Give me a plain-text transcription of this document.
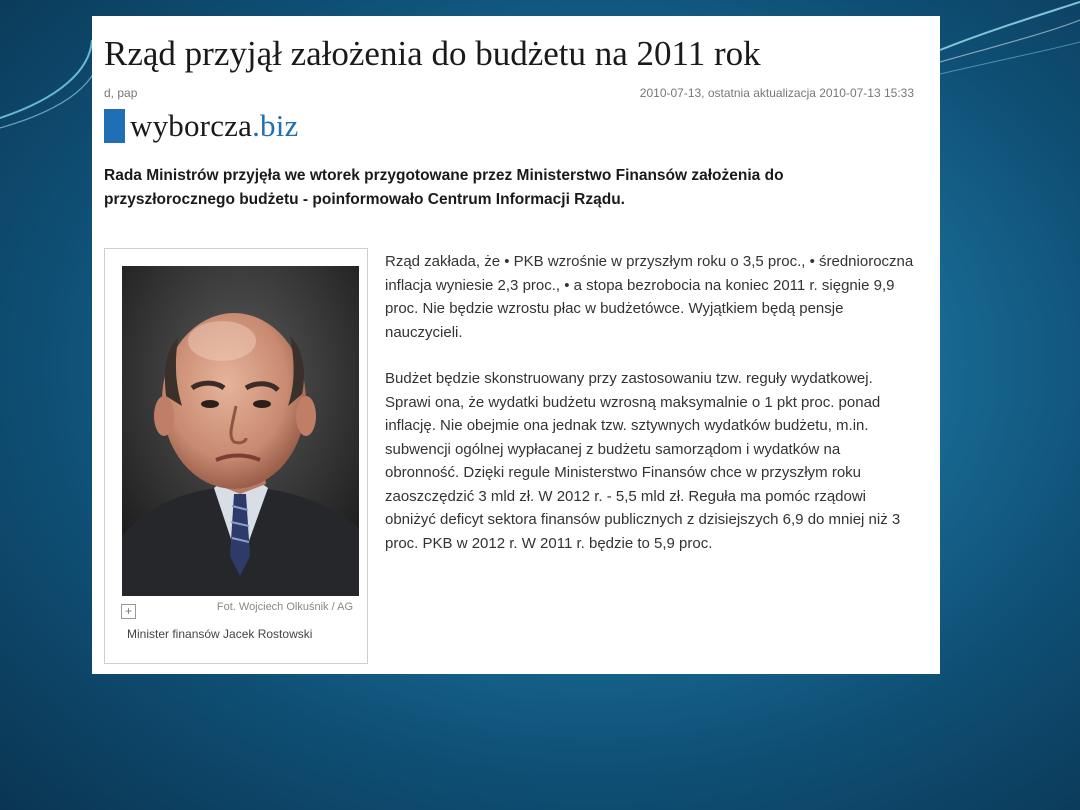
Rząd przyjął założenia do budżetu na 2011 rok
d, pap	2010-07-13, ostatnia aktualizacja 2010-07-13 15:33
wyborcza.biz
Rada Ministrów przyjęła we wtorek przygotowane przez Ministerstwo Finansów założenia do przyszłorocznego budżetu - poinformowało Centrum Informacji Rządu.
+	Fot. Wojciech Olkuśnik / AG
Minister finansów Jacek Rostowski

Rząd zakłada, że • PKB wzrośnie w przyszłym roku o 3,5 proc., • średnioroczna inflacja wyniesie 2,3 proc., • a stopa bezrobocia na koniec 2011 r. sięgnie 9,9 proc. Nie będzie wzrostu płac w budżetówce. Wyjątkiem będą pensje nauczycieli.

Budżet będzie skonstruowany przy zastosowaniu tzw. reguły wydatkowej. Sprawi ona, że wydatki budżetu wzrosną maksymalnie o 1 pkt proc. ponad inflację. Nie obejmie ona jednak tzw. sztywnych wydatków budżetu, m.in. subwencji ogólnej wypłacanej z budżetu samorządom i wydatków na obronność. Dzięki regule Ministerstwo Finansów chce w przyszłym roku zaoszczędzić 3 mld zł. W 2012 r. - 5,5 mld zł. Reguła ma pomóc rządowi obniżyć deficyt sektora finansów publicznych z dzisiejszych 6,9 do mniej niż 3 proc. PKB w 2012 r. W 2011 r. będzie to 5,9 proc.
